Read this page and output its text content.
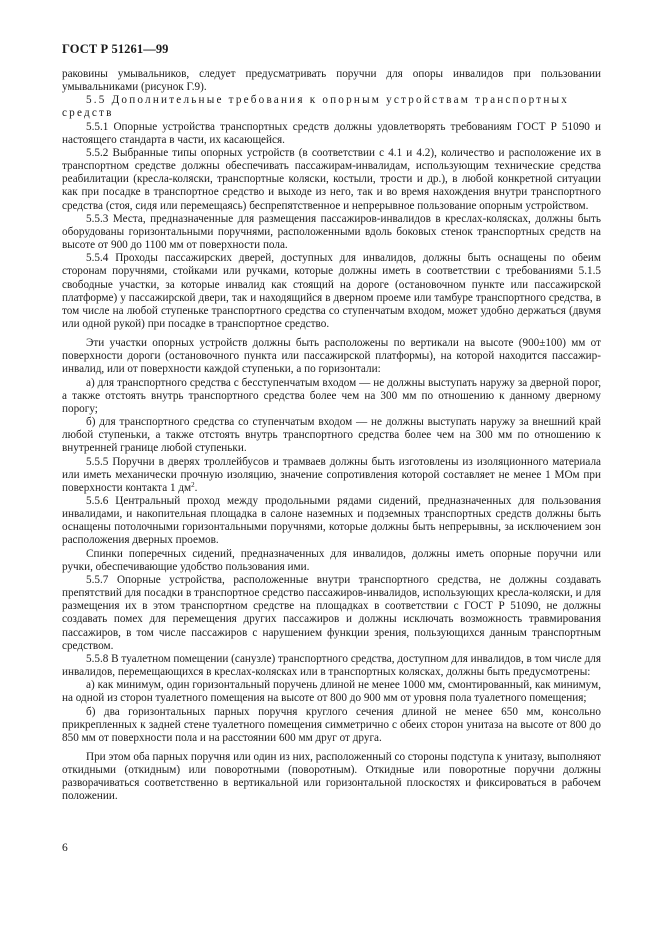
ГОСТ Р 51261—99

раковины умывальников, следует предусматривать поручни для опоры инвалидов при пользовании умывальниками (рисунок Г.9).

5.5 Дополнительные требования к опорным устройствам транспортных средств

5.5.1 Опорные устройства транспортных средств должны удовлетворять требованиям ГОСТ Р 51090 и настоящего стандарта в части, их касающейся.

5.5.2 Выбранные типы опорных устройств (в соответствии с 4.1 и 4.2), количество и расположение их в транспортном средстве должны обеспечивать пассажирам-инвалидам, использующим технические средства реабилитации (кресла-коляски, транспортные коляски, костыли, трости и др.), в любой конкретной ситуации как при посадке в транспортное средство и выходе из него, так и во время нахождения внутри транспортного средства (стоя, сидя или перемещаясь) беспрепятственное и непрерывное пользование опорным устройством.

5.5.3 Места, предназначенные для размещения пассажиров-инвалидов в креслах-колясках, должны быть оборудованы горизонтальными поручнями, расположенными вдоль боковых стенок транспортных средств на высоте от 900 до 1100 мм от поверхности пола.

5.5.4 Проходы пассажирских дверей, доступных для инвалидов, должны быть оснащены по обеим сторонам поручнями, стойками или ручками, которые должны иметь в соответствии с требованиями 5.1.5 свободные участки, за которые инвалид как стоящий на дороге (остановочном пункте или пассажирской платформе) у пассажирской двери, так и находящийся в дверном проеме или тамбуре транспортного средства, в том числе на любой ступеньке транспортного средства со ступенчатым входом, может удобно держаться (двумя или одной рукой) при посадке в транспортное средство.

Эти участки опорных устройств должны быть расположены по вертикали на высоте (900±100) мм от поверхности дороги (остановочного пункта или пассажирской платформы), на которой находится пассажир-инвалид, или от поверхности каждой ступеньки, а по горизонтали:

а) для транспортного средства с бесступенчатым входом — не должны выступать наружу за дверной порог, а также отстоять внутрь транспортного средства более чем на 300 мм по отношению к данному дверному порогу;

б) для транспортного средства со ступенчатым входом — не должны выступать наружу за внешний край любой ступеньки, а также отстоять внутрь транспортного средства более чем на 300 мм по отношению к внутренней границе любой ступеньки.

5.5.5 Поручни в дверях троллейбусов и трамваев должны быть изготовлены из изоляционного материала или иметь механически прочную изоляцию, значение сопротивления которой составляет не менее 1 МОм при поверхности контакта 1 $дм^2$.

5.5.6 Центральный проход между продольными рядами сидений, предназначенных для пользования инвалидами, и накопительная площадка в салоне наземных и подземных транспортных средств должны быть оснащены потолочными горизонтальными поручнями, которые должны быть непрерывны, за исключением зон расположения дверных проемов.

Спинки поперечных сидений, предназначенных для инвалидов, должны иметь опорные поручни или ручки, обеспечивающие удобство пользования ими.

5.5.7 Опорные устройства, расположенные внутри транспортного средства, не должны создавать препятствий для посадки в транспортное средство пассажиров-инвалидов, использующих кресла-коляски, и для размещения их в этом транспортном средстве на площадках в соответствии с ГОСТ Р 51090, не должны создавать помех для перемещения других пассажиров и должны исключать возможность травмирования пассажиров, в том числе пассажиров с нарушением функции зрения, пользующихся данным транспортным средством.

5.5.8 В туалетном помещении (санузле) транспортного средства, доступном для инвалидов, в том числе для инвалидов, перемещающихся в креслах-колясках или в транспортных колясках, должны быть предусмотрены:

а) как минимум, один горизонтальный поручень длиной не менее 1000 мм, смонтированный, как минимум, на одной из сторон туалетного помещения на высоте от 800 до 900 мм от уровня пола туалетного помещения;

б) два горизонтальных парных поручня круглого сечения длиной не менее 650 мм, консольно прикрепленных к задней стене туалетного помещения симметрично с обеих сторон унитаза на высоте от 800 до 850 мм от поверхности пола и на расстоянии 600 мм друг от друга.

При этом оба парных поручня или один из них, расположенный со стороны подступа к унитазу, выполняют откидными (откидным) или поворотными (поворотным). Откидные или поворотные поручни должны разворачиваться соответственно в вертикальной или горизонтальной плоскостях и фиксироваться в рабочем положении.

6
